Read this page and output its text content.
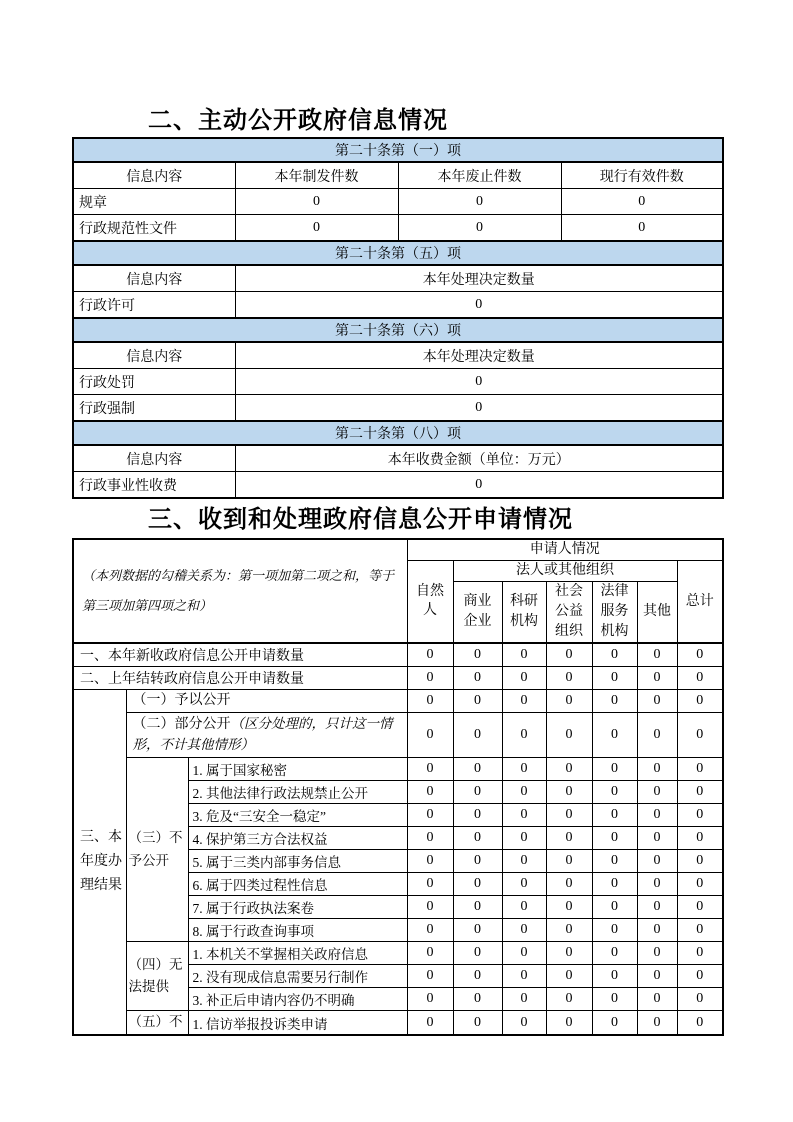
二、主动公开政府信息情况
第二十条第（一）项			
信息内容	本年制发件数	本年废止件数	现行有效件数
规章	0	0	0
行政规范性文件	0	0	0
第二十条第（五）项			
信息内容	本年处理决定数量		
行政许可	0		
第二十条第（六）项			
信息内容	本年处理决定数量		
行政处罚	0		
行政强制	0		
第二十条第（八）项			
信息内容	本年收费金额（单位：万元）		
行政事业性收费	0		
三、收到和处理政府信息公开申请情况
（本列数据的勾稽关系为：第一项加第二项之和，等于第三项加第四项之和）			申请人情况						
			自然人	法人或其他组织					总计
				商业企业	科研机构	社会公益组织	法律服务机构	其他	
一、本年新收政府信息公开申请数量			0	0	0	0	0	0	0
二、上年结转政府信息公开申请数量			0	0	0	0	0	0	0
三、本年度办理结果	（一）予以公开		0	0	0	0	0	0	0
	（二）部分公开（区分处理的，只计这一情形，不计其他情形）		0	0	0	0	0	0	0
	（三）不予公开	1. 属于国家秘密	0	0	0	0	0	0	0
		2. 其他法律行政法规禁止公开	0	0	0	0	0	0	0
		3. 危及“三安全一稳定”	0	0	0	0	0	0	0
		4. 保护第三方合法权益	0	0	0	0	0	0	0
		5. 属于三类内部事务信息	0	0	0	0	0	0	0
		6. 属于四类过程性信息	0	0	0	0	0	0	0
		7. 属于行政执法案卷	0	0	0	0	0	0	0
		8. 属于行政查询事项	0	0	0	0	0	0	0
	（四）无法提供	1. 本机关不掌握相关政府信息	0	0	0	0	0	0	0
		2. 没有现成信息需要另行制作	0	0	0	0	0	0	0
		3. 补正后申请内容仍不明确	0	0	0	0	0	0	0
	（五）不	1. 信访举报投诉类申请	0	0	0	0	0	0	0
